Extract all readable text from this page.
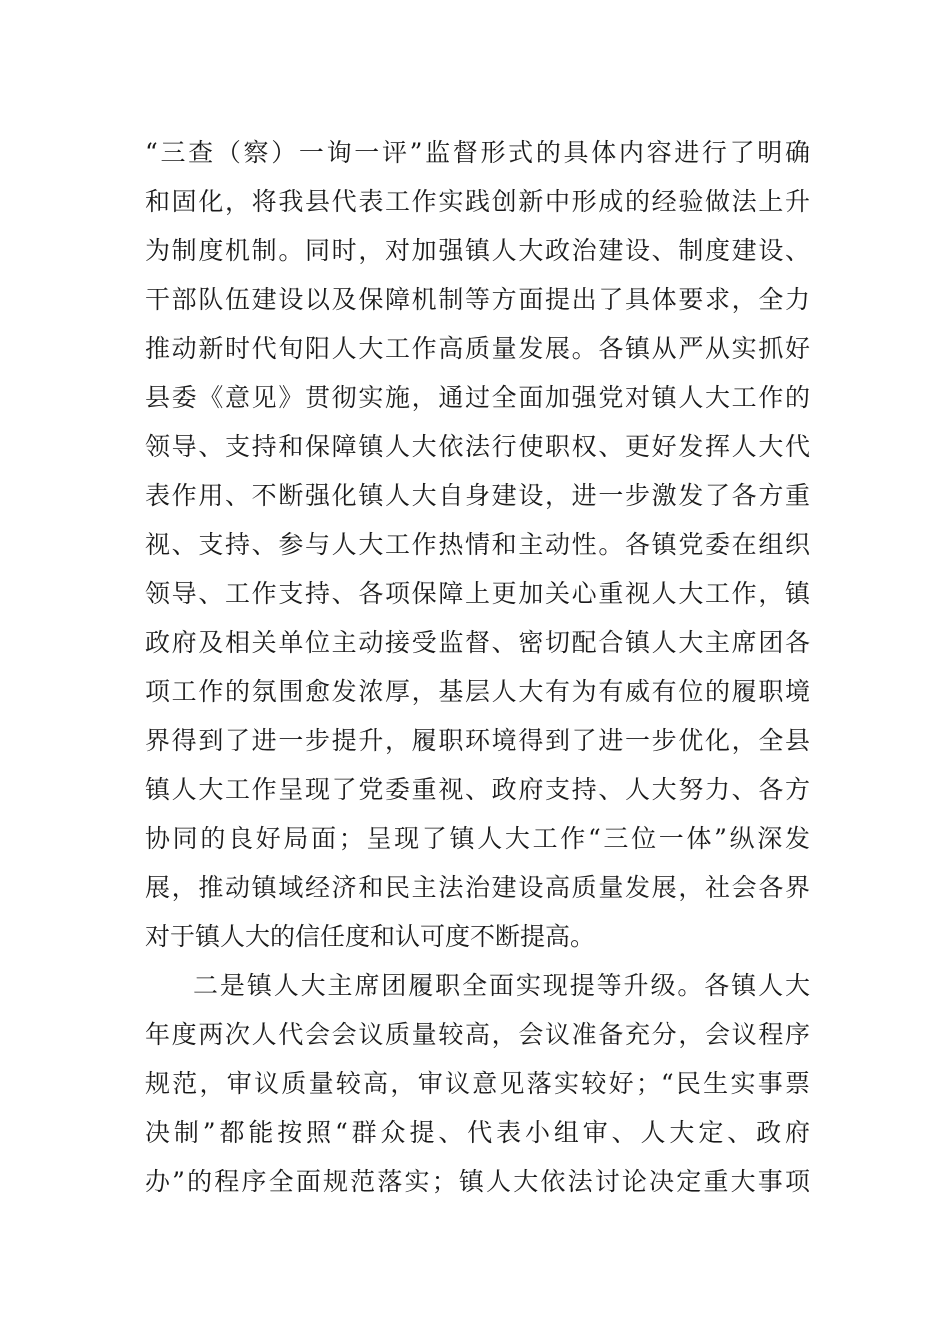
“三查（察）一询一评”监督形式的具体内容进行了明确
和固化，将我县代表工作实践创新中形成的经验做法上升
为制度机制。同时，对加强镇人大政治建设、制度建设、
干部队伍建设以及保障机制等方面提出了具体要求，全力
推动新时代旬阳人大工作高质量发展。各镇从严从实抓好
县委《意见》贯彻实施，通过全面加强党对镇人大工作的
领导、支持和保障镇人大依法行使职权、更好发挥人大代
表作用、不断强化镇人大自身建设，进一步激发了各方重
视、支持、参与人大工作热情和主动性。各镇党委在组织
领导、工作支持、各项保障上更加关心重视人大工作，镇
政府及相关单位主动接受监督、密切配合镇人大主席团各
项工作的氛围愈发浓厚，基层人大有为有威有位的履职境
界得到了进一步提升，履职环境得到了进一步优化，全县
镇人大工作呈现了党委重视、政府支持、人大努力、各方
协同的良好局面；呈现了镇人大工作“三位一体”纵深发
展，推动镇域经济和民主法治建设高质量发展，社会各界
对于镇人大的信任度和认可度不断提高。
二是镇人大主席团履职全面实现提等升级。各镇人大
年度两次人代会会议质量较高，会议准备充分，会议程序
规范，审议质量较高，审议意见落实较好；“民生实事票
决制”都能按照“群众提、代表小组审、人大定、政府
办”的程序全面规范落实；镇人大依法讨论决定重大事项
